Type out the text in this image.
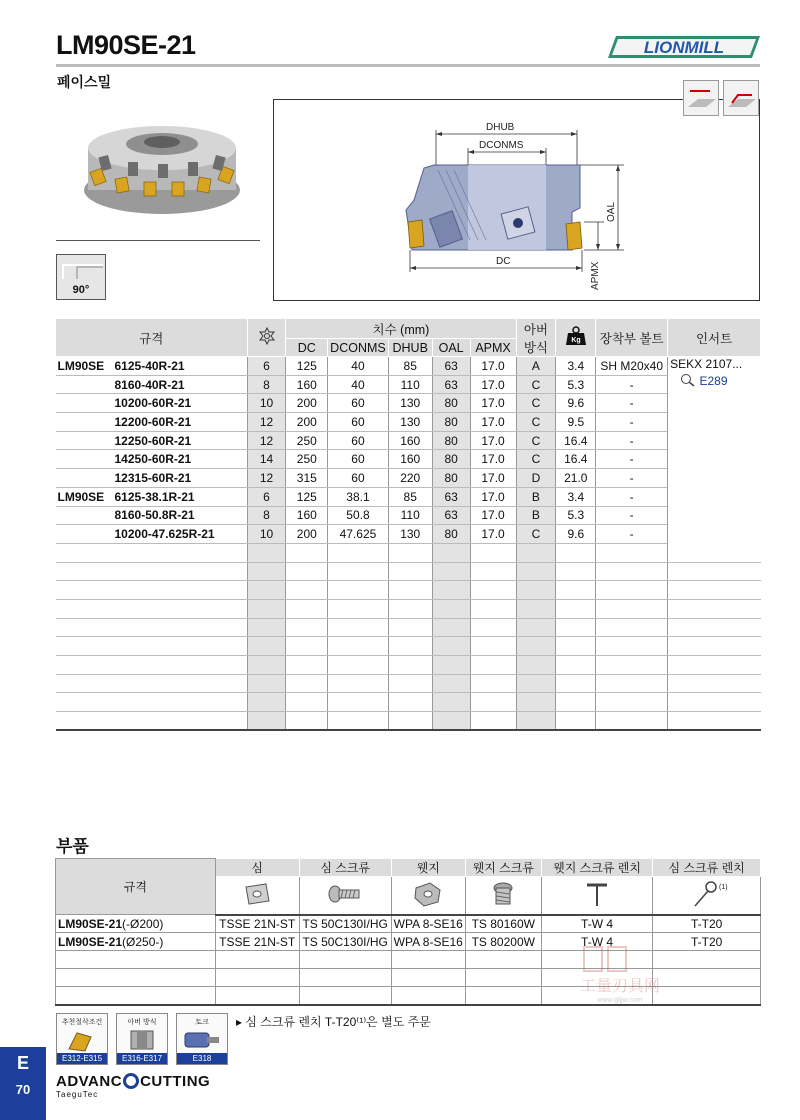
LM90SE-21
페이스밀
LIONMILL
90°
DHUB
DCONMS
OAL
DC
APMX
규격		치수 (mm)					아버
방식	Kg	장착부 볼트	인서트
		DC	DCONMS	DHUB	OAL	APMX				
LM90SE 6125-40R-21	6	125	40	85	63	17.0	A	3.4	SH M20x40	SEKX 2107...
E289

8160-40R-21	8	160	40	110	63	17.0	C	5.3	-	
10200-60R-21	10	200	60	130	80	17.0	C	9.6	-	
12200-60R-21	12	200	60	130	80	17.0	C	9.5	-	
12250-60R-21	12	250	60	160	80	17.0	C	16.4	-	
14250-60R-21	14	250	60	160	80	17.0	C	16.4	-	
12315-60R-21	12	315	60	220	80	17.0	D	21.0	-	
LM90SE 6125-38.1R-21	6	125	38.1	85	63	17.0	B	3.4	-	
8160-50.8R-21	8	160	50.8	110	63	17.0	B	5.3	-	
10200-47.625R-21	10	200	47.625	130	80	17.0	C	9.6	-	

부품
규격	심	심 스크류	웻지	웻지 스크류	웻지 스크류 렌치	심 스크류 렌치

(1)

LM90SE-21(-Ø200)	TSSE 21N-ST	TS 50C130I/HG	WPA 8-SE16	TS 80160W	T-W 4	T-T20
LM90SE-21(Ø250-)	TSSE 21N-ST	TS 50C130I/HG	WPA 8-SE16	TS 80200W	T-W 4	T-T20

工量刃具网
www.gljjw.com
▸ 심 스크류 렌치 T-T20⁽¹⁾은 별도 주문
추천절삭조건
E312-E315
아버 방식
E316-E317
토크
E318
E
70	ADVANC CUTTING
TaeguTec
